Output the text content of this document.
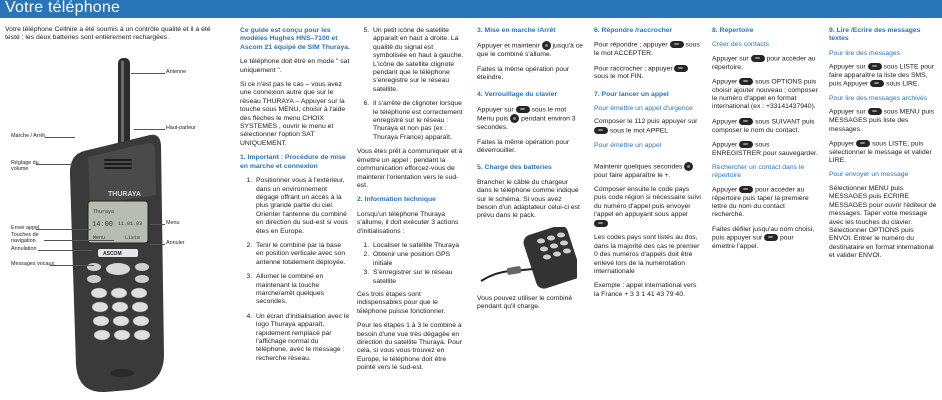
Votre téléphone

Votre téléphone Cellhire a été soumis à un contrôle qualité et il a été testé ; les deux batteries sont entièrement rechargées.

THURAYA
Thuraya
11.01.03
14:00
Menu	Liste
ASCOM
Antenne
Haut-parleur
Marche / Arrêt
Réglage du volume
Envoi appel
Touches de navigation
Annulation
Messages vocaux
Menu
Annuler

Ce guide est conçu pour les modèles Hughes HNS–7100 et Ascom 21 équipé de SIM Thuraya.

Le téléphone doit être en mode " sat uniquement ".

Si ce n'est pas le cas – vous avez une connexion autre que sur le réseau THURAYA – Appuyer sur la touche sous MENU, choisir à l'aide des flèches le menu CHOIX SYSTEMES , ouvrir le menu et sélectionner l'option SAT UNIQUEMENT.

1. Important : Procédure de mise en marche et connexion

1. Positionner vous à l'extérieur, dans un environnement dégagé offrant un accès à la plus grande partie du ciel. Orienter l'antenne du combiné en direction du sud-est si vous êtes en Europe.
2. Tenir le combiné par la base en position verticale avec son antenne totalement déployée.
3. Allumer le combiné en maintenant la touche marche/arrêt quelques secondes.
4. Un écran d'initialisation avec le logo Thuraya apparaît, rapidement remplacé par l'affichage normal du téléphone, avec le message : recherche réseau.
5. Un petit icône de satellite apparaît en haut à droite. La qualité du signal est symbolisée en haut à gauche. L'icône de satellite clignote pendant que le téléphone s'enregistre sur le réseau satellite.
6. Il s'arrête de clignoter lorsque le téléphone est correctement enregistré sur le réseau : Thuraya et non pas (ex : Thuraya France) apparaît.

Vous êtes prêt à communiquer et à émettre un appel ; pendant la communication efforcez-vous de maintenir l'orientation vers le sud-est.

2. Information technique

Lorsqu'un téléphone Thuraya s'allume, il doit exécuter 3 actions d'initialisations :

1. Localiser le satellite Thuraya
2. Obtenir une position GPS initiale
3. S'enregistrer sur le réseau satellite

Ces trois étapes sont indispensables pour que le téléphone puisse fonctionner.

Pour les étapes 1 à 3 le combiné a besoin d'une vue très dégagée en direction du satellite Thuraya. Pour cela, si vous vous trouvez en Europe, le téléphone doit être pointé vers le sud-est.

3. Mise en marche /Arrêt

Appuyer et maintenir jusqu'à ce que le combiné s'allume.

Faites la même opération pour éteindre.

4. Verrouillage du clavier

Appuyer sur	sous le mot Menu puis pendant environ 3 secondes.

Faites la même opération pour déverrouiller.

5. Charge des batteries

Brancher le câble du chargeur dans le téléphone comme indiqué sur le schéma. Si vous avez besoin d'un adaptateur celui-ci est prévu dans le pack.

Vous pouvez utiliser le combiné pendant qu'il charge.

6. Répondre /raccrocher

Pour répondre ; appuyer	sous le mot ACCEPTER.

Pour raccrocher ; appuyer  sous le mot FIN.

7. Pour lancer un appel

Pour émettre un appel d'urgence

Composer le 112 puis appuyer sur  sous le mot APPEL

Pour émettre un appel

Maintenir quelques secondes  pour faire apparaître le +.

Composer ensuite le code pays puis code région si nécessaire suivi du numéro d'appel puis envoyer l'appel en appuyant sous appel

Les codes pays sont listés au dos, dans la majorité des cas le premier 0 des numéros d'appels doit être enlevé lors de la numérotation internationale

Exemple : appel international vers la France + 3 3 1 41 43 79 40.

8. Répertoire

Créer des contacts

Appuyer sur	pour accéder au répertoire,

Appuyer	sous OPTIONS puis choisir ajouter nouveau ; composer le numéro d'appel en format international (ex : +33141437940).

Appuyer	sous SUIVANT puis composer le nom du contact.

Appuyer	sous ENREGISTRER pour sauvegarder.

Rechercher un contact dans le répertoire

Appuyer	pour accéder au répertoire puis taper la première lettre du nom du contact recherché.

Faites défiler jusqu'au nom choisi, puis appuyer sur	pour émettre l'appel.

9. Lire /Ecrire des messages textes

Pour lire des messages

Appuyer sur	sous LISTE pour faire apparaître la liste des SMS, puis Appuyer	sous LIRE.

Pour lire des messages archivés

Appuyer sur	sous MENU puis MESSAGES puis liste des messages.

Appuyer	sous LISTE, puis sélectionner le message et valider LIRE.

Pour envoyer un message

Sélectionner MENU puis MESSAGES puis ECRIRE MESSAGES pour ouvrir l'éditeur de messages. Taper votre message avec les touches du clavier. Sélectionner OPTIONS puis ENVOI. Entrer le numéro du destinataire en format international et valider ENVOI.
